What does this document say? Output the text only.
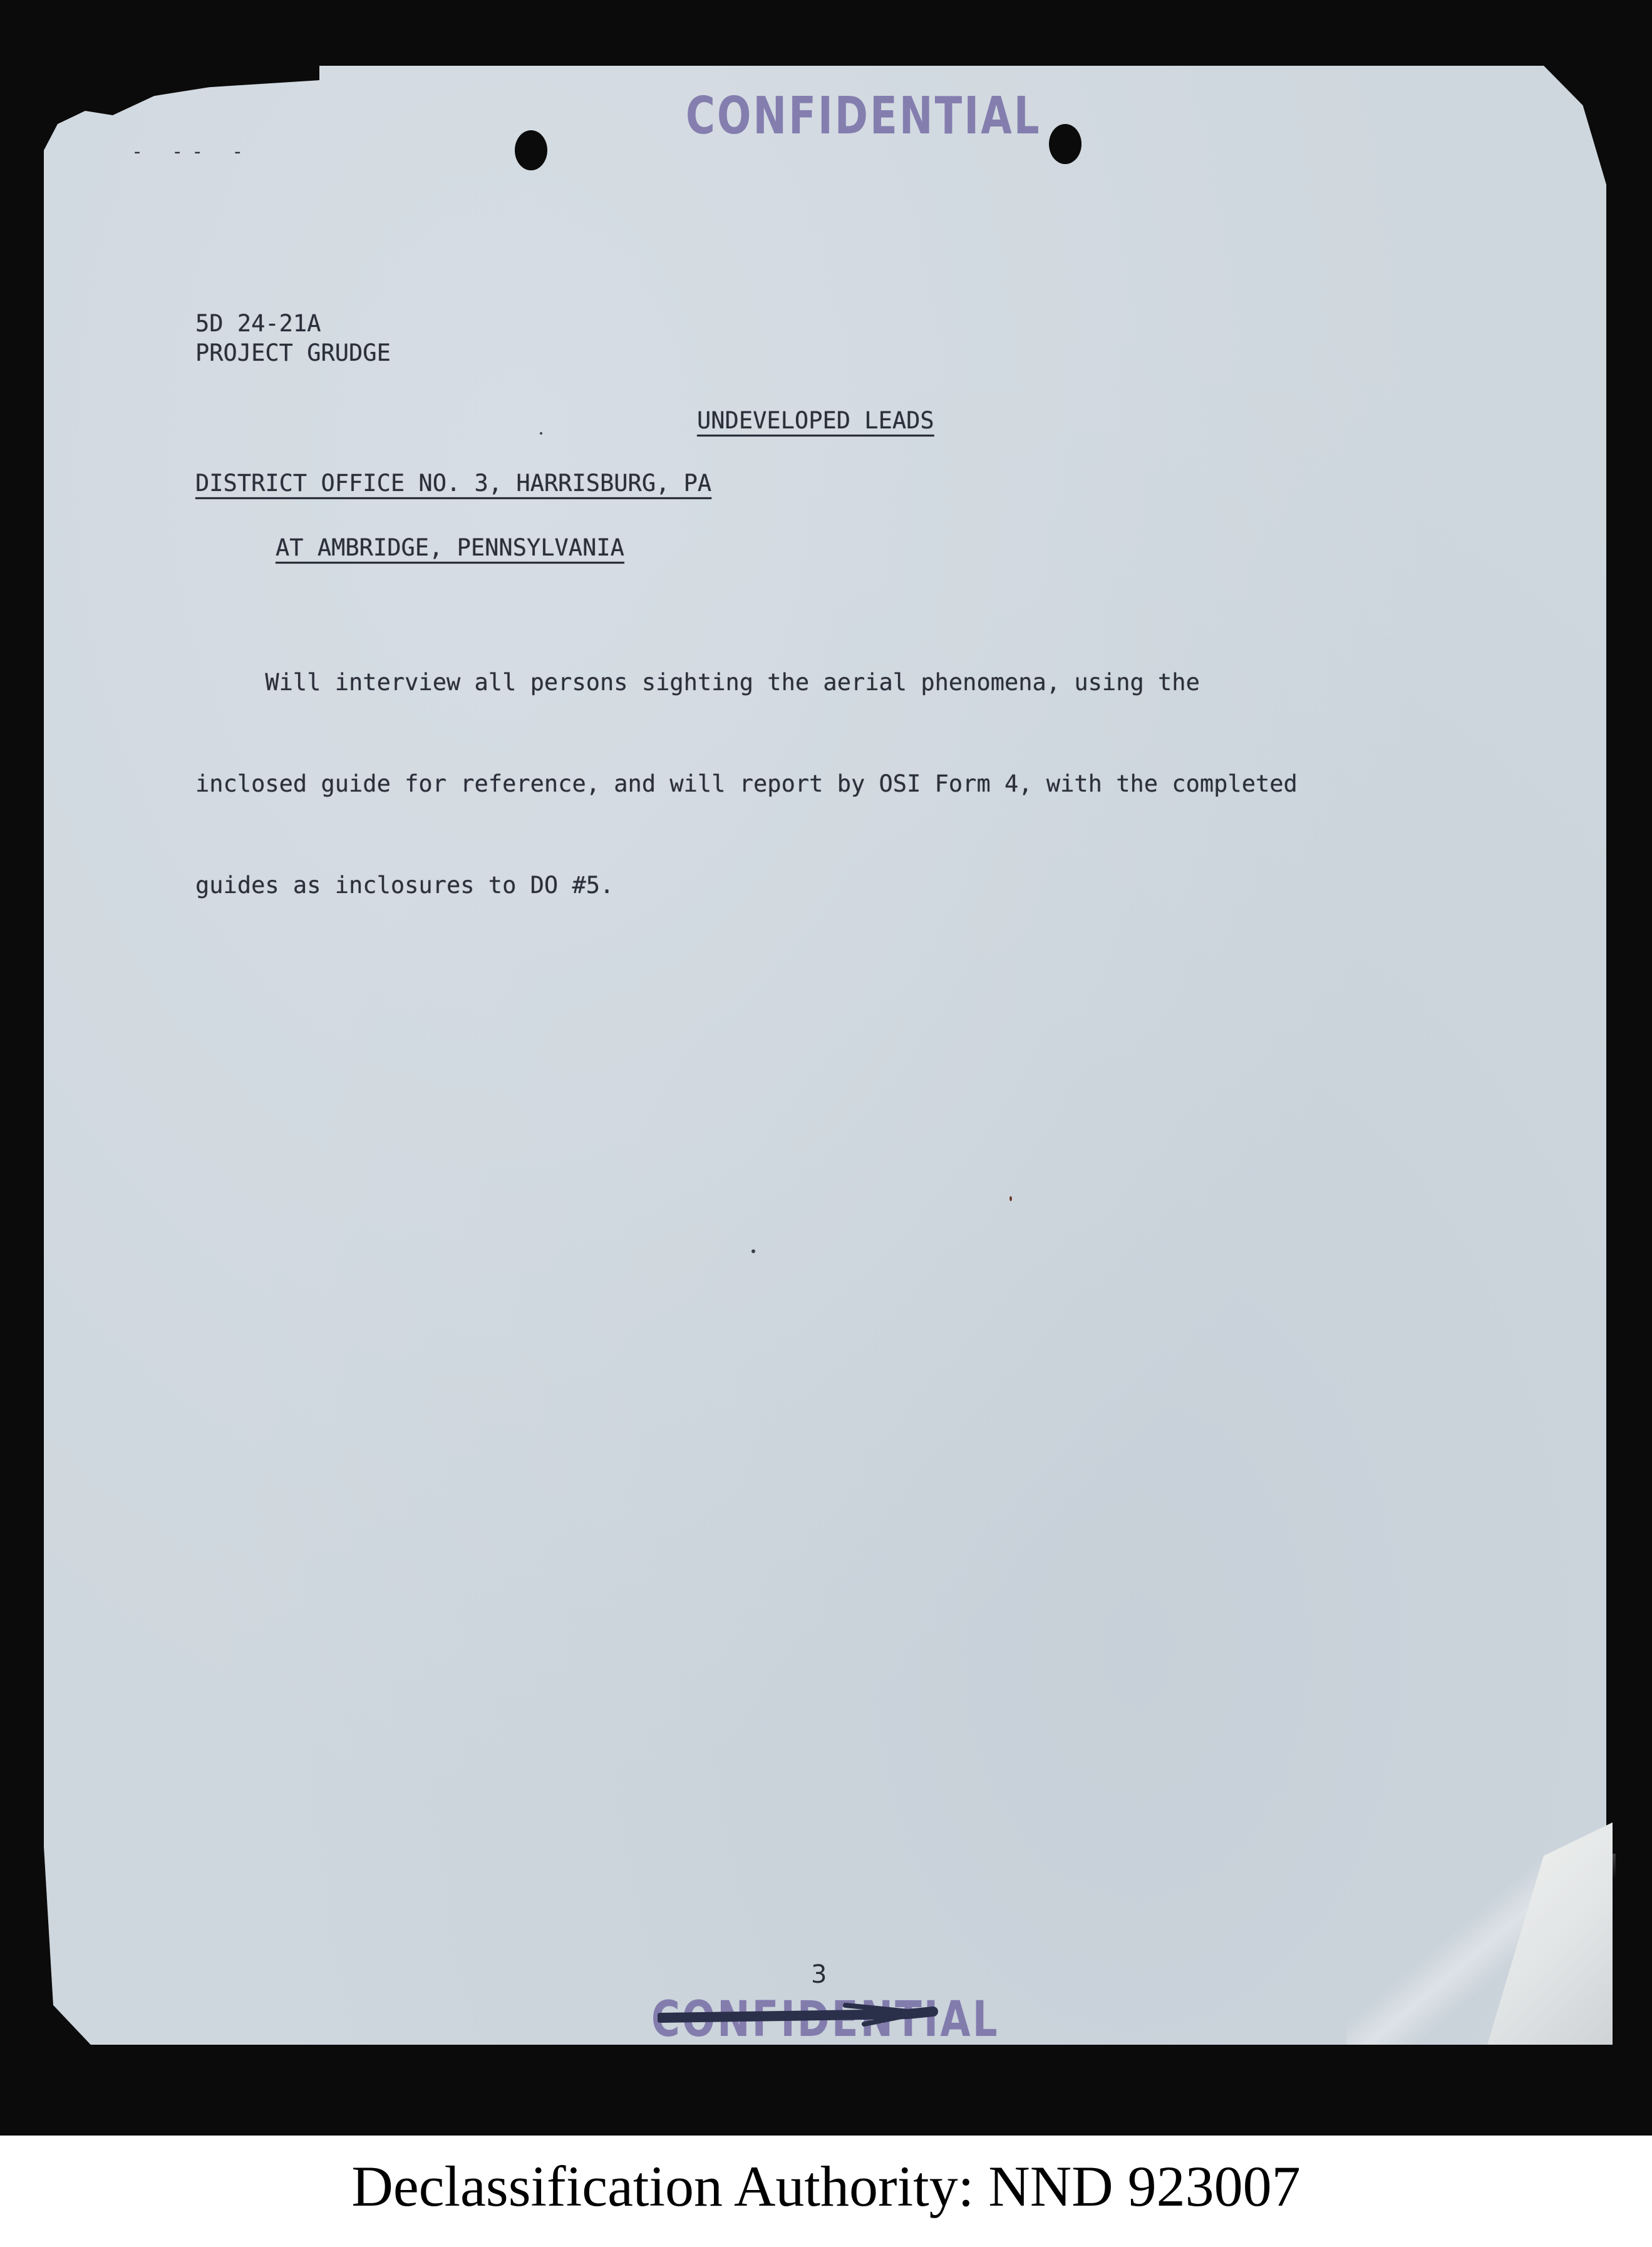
- -- -
CONFIDENTIAL
5D 24-21A
PROJECT GRUDGE
UNDEVELOPED LEADS
DISTRICT OFFICE NO. 3, HARRISBURG, PA
AT AMBRIDGE, PENNSYLVANIA

Will interview all persons sighting the aerial phenomena, using the

inclosed guide for reference, and will report by OSI Form 4, with the completed

guides as inclosures to DO #5.

3
CONFIDENTIAL
Declassification Authority: NND 923007
